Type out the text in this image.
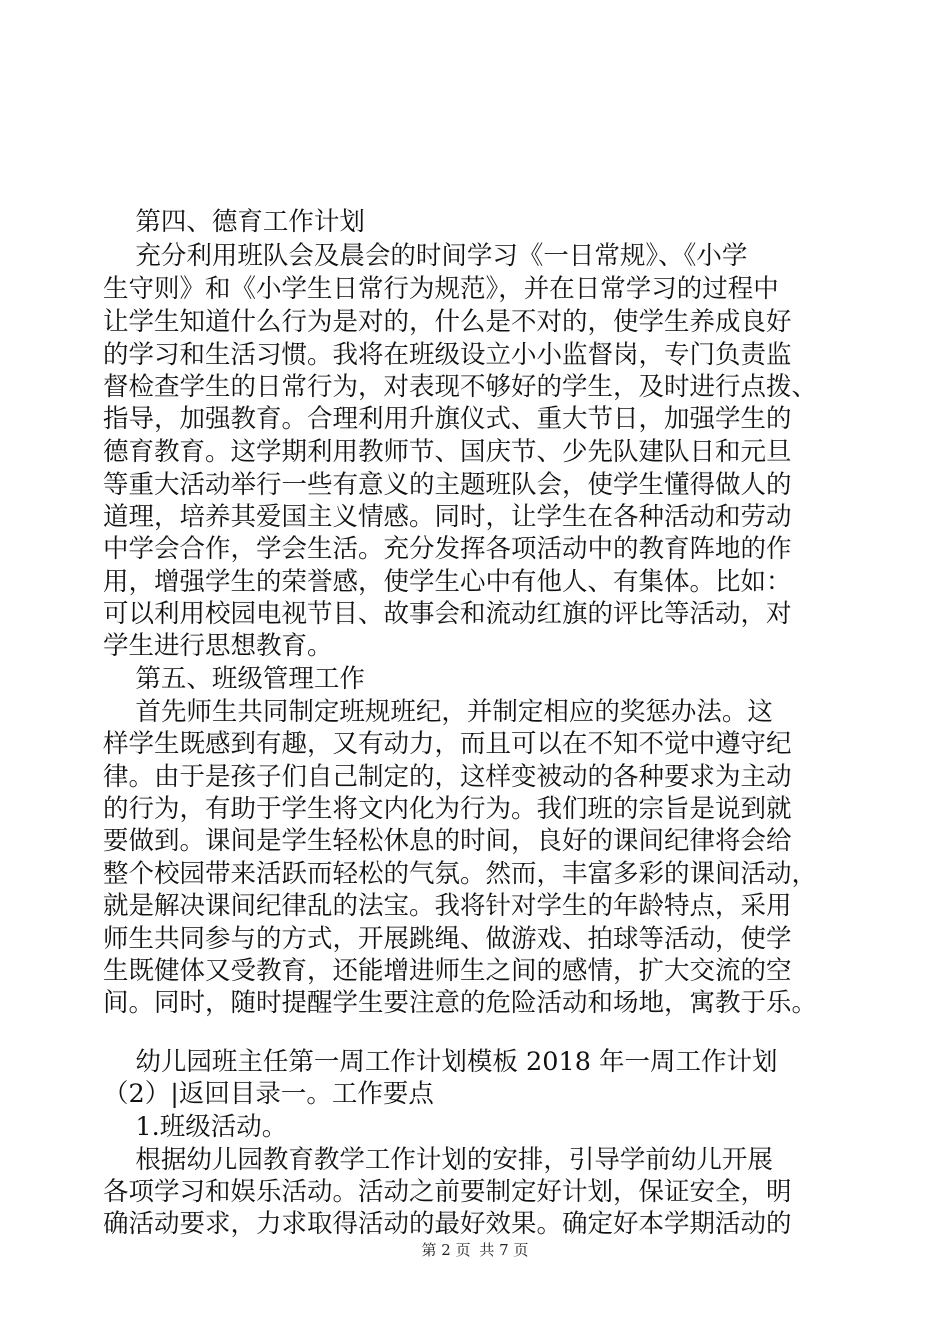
第四、德育工作计划
充分利用班队会及晨会的时间学习《一日常规》、《小学
生守则》和《小学生日常行为规范》，并在日常学习的过程中
让学生知道什么行为是对的，什么是不对的，使学生养成良好
的学习和生活习惯。我将在班级设立小小监督岗，专门负责监
督检查学生的日常行为，对表现不够好的学生，及时进行点拨、
指导，加强教育。合理利用升旗仪式、重大节日，加强学生的
德育教育。这学期利用教师节、国庆节、少先队建队日和元旦
等重大活动举行一些有意义的主题班队会，使学生懂得做人的
道理，培养其爱国主义情感。同时，让学生在各种活动和劳动
中学会合作，学会生活。充分发挥各项活动中的教育阵地的作
用，增强学生的荣誉感，使学生心中有他人、有集体。比如：
可以利用校园电视节目、故事会和流动红旗的评比等活动，对
学生进行思想教育。
第五、班级管理工作
首先师生共同制定班规班纪，并制定相应的奖惩办法。这
样学生既感到有趣，又有动力，而且可以在不知不觉中遵守纪
律。由于是孩子们自己制定的，这样变被动的各种要求为主动
的行为，有助于学生将文内化为行为。我们班的宗旨是说到就
要做到。课间是学生轻松休息的时间，良好的课间纪律将会给
整个校园带来活跃而轻松的气氛。然而，丰富多彩的课间活动，
就是解决课间纪律乱的法宝。我将针对学生的年龄特点，采用
师生共同参与的方式，开展跳绳、做游戏、拍球等活动，使学
生既健体又受教育，还能增进师生之间的感情，扩大交流的空
间。同时，随时提醒学生要注意的危险活动和场地，寓教于乐。
幼儿园班主任第一周工作计划模板 2018 年一周工作计划
（2）|返回目录一。工作要点
1.班级活动。
根据幼儿园教育教学工作计划的安排，引导学前幼儿开展
各项学习和娱乐活动。活动之前要制定好计划，保证安全，明
确活动要求，力求取得活动的最好效果。确定好本学期活动的
第 2 页 共 7 页
